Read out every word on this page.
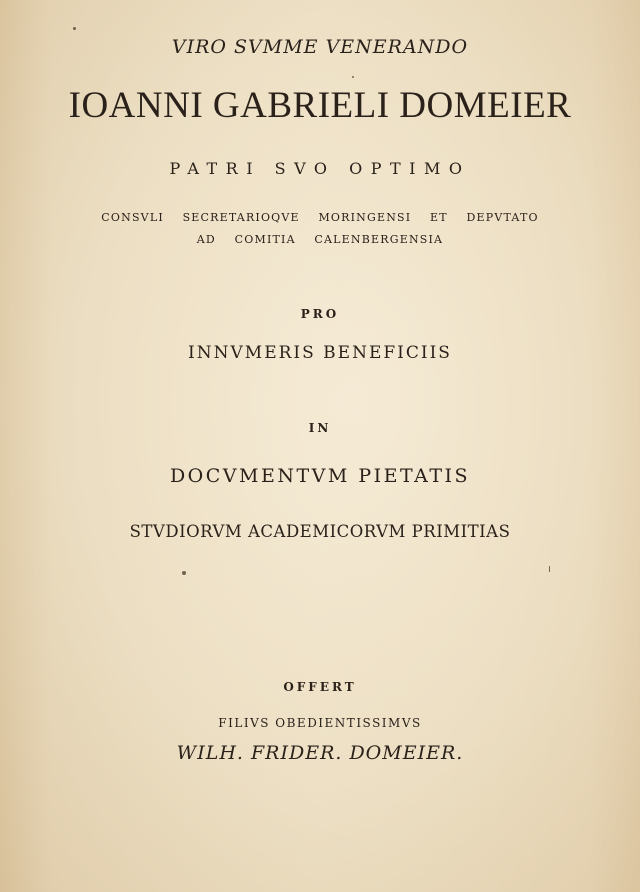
VIRO SVMME VENERANDO
IOANNI GABRIELI DOMEIER
PATRI SVO OPTIMO
CONSVLI SECRETARIOQVE MORINGENSI ET DEPVTATO
AD COMITIA CALENBERGENSIA
PRO
INNVMERIS BENEFICIIS
IN
DOCVMENTVM PIETATIS
STVDIORVM ACADEMICORVM PRIMITIAS
OFFERT
FILIVS OBEDIENTISSIMVS
WILH. FRIDER. DOMEIER.
